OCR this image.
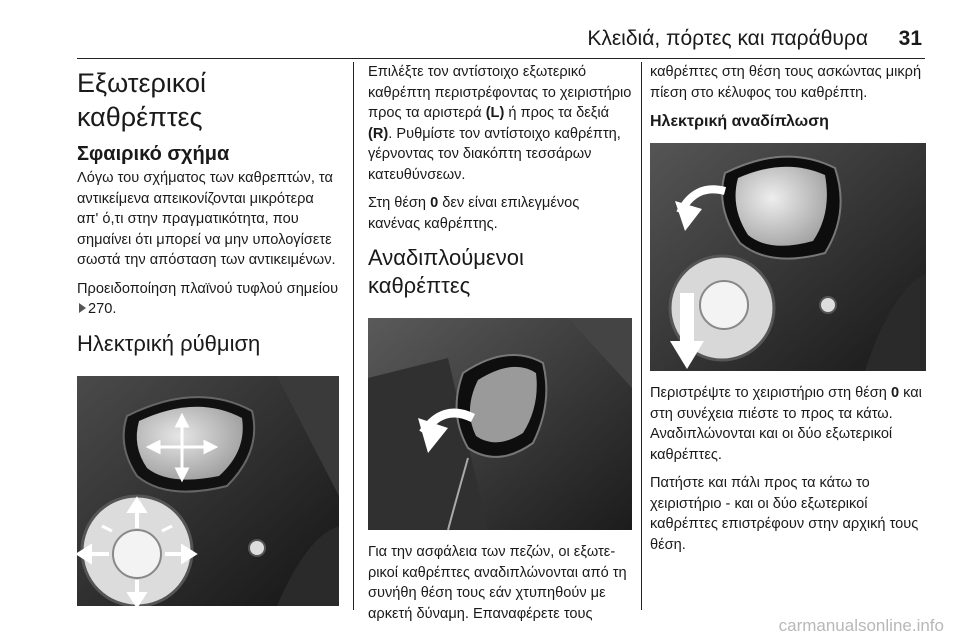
Κλειδιά, πόρτες και παράθυρα 31
Εξωτερικοί καθρέπτες
Σφαιρικό σχήμα

Λόγω του σχήματος των καθρεπτών, τα αντικείμενα απεικονίζονται μικρότερα απ' ό,τι στην πραγματικότητα, που σημαίνει ότι μπορεί να μην υπολογίσετε σωστά την απόσταση των αντικειμένων.

Προειδοποίηση πλαϊνού τυφλού σημείου 270.

Ηλεκτρική ρύθμιση

Επιλέξτε τον αντίστοιχο εξωτερικό καθρέπτη περιστρέφοντας το χειριστήριο προς τα αριστερά (L) ή προς τα δεξιά (R). Ρυθμίστε τον αντίστοιχο καθρέπτη, γέρνοντας τον διακόπτη τεσσάρων κατευθύνσεων.

Στη θέση 0 δεν είναι επιλεγμένος κανένας καθρέπτης.

Αναδιπλούμενοι καθρέπτες

Για την ασφάλεια των πεζών, οι εξωτερικοί καθρέπτες αναδιπλώνονται από τη συνήθη θέση τους εάν χτυπηθούν με αρκετή δύναμη. Επαναφέρετε τους

καθρέπτες στη θέση τους ασκώντας μικρή πίεση στο κέλυφος του καθρέπτη.

Ηλεκτρική αναδίπλωση

Περιστρέψτε το χειριστήριο στη θέση 0 και στη συνέχεια πιέστε το προς τα κάτω. Αναδιπλώνονται και οι δύο εξωτερικοί καθρέπτες.

Πατήστε και πάλι προς τα κάτω το χειριστήριο - και οι δύο εξωτερικοί καθρέπτες επιστρέφουν στην αρχική τους θέση.

carmanualsonline.info
